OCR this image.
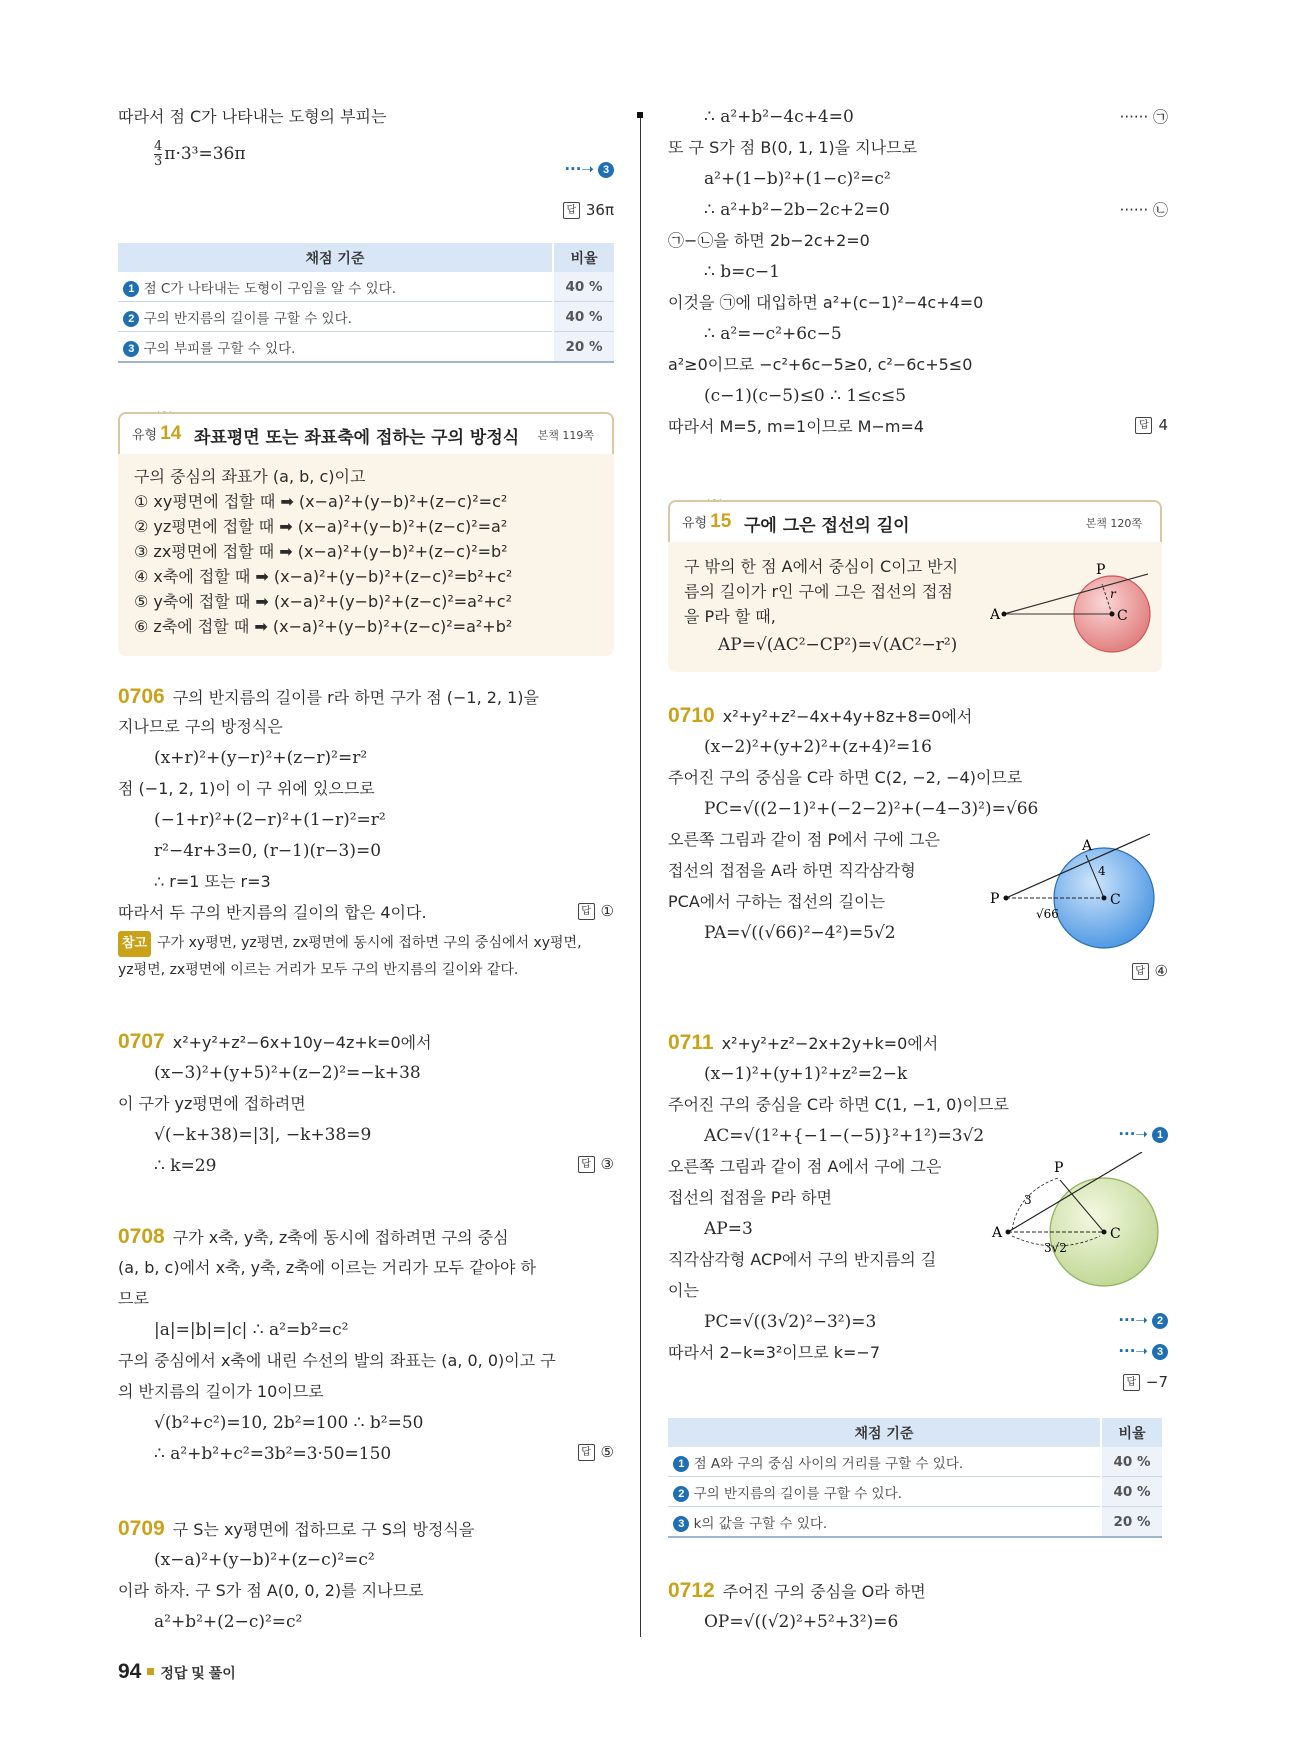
따라서 점 C가 나타내는 도형의 부피는
$\frac{4}{3} \pi\cdot 3^3=36\pi$
···➝ 3
답 36π
채점 기준	비율
1 점 C가 나타내는 도형이 구임을 알 수 있다.	40 %
2 구의 반지름의 길이를 구할 수 있다.	40 %
3 구의 부피를 구할 수 있다.	20 %
유형 14 좌표평면 또는 좌표축에 접하는 구의 방정식 본책 119쪽
구의 중심의 좌표가 (a, b, c)이고
① xy평면에 접할 때 ➡ (x−a)²+(y−b)²+(z−c)²=c²
② yz평면에 접할 때 ➡ (x−a)²+(y−b)²+(z−c)²=a²
③ zx평면에 접할 때 ➡ (x−a)²+(y−b)²+(z−c)²=b²
④ x축에 접할 때 ➡ (x−a)²+(y−b)²+(z−c)²=b²+c²
⑤ y축에 접할 때 ➡ (x−a)²+(y−b)²+(z−c)²=a²+c²
⑥ z축에 접할 때 ➡ (x−a)²+(y−b)²+(z−c)²=a²+b²
0706 구의 반지름의 길이를 r라 하면 구가 점 (−1, 2, 1)을
지나므로 구의 방정식은
(x+r)²+(y−r)²+(z−r)²=r²
점 (−1, 2, 1)이 이 구 위에 있으므로
(−1+r)²+(2−r)²+(1−r)²=r²
r²−4r+3=0, (r−1)(r−3)=0
∴ r=1 또는 r=3
따라서 두 구의 반지름의 길이의 합은 4이다.	답 ①
참고 구가 xy평면, yz평면, zx평면에 동시에 접하면 구의 중심에서 xy평면,
yz평면, zx평면에 이르는 거리가 모두 구의 반지름의 길이와 같다.
0707 x²+y²+z²−6x+10y−4z+k=0에서
(x−3)²+(y+5)²+(z−2)²=−k+38
이 구가 yz평면에 접하려면
√(−k+38)=|3|, −k+38=9
∴ k=29	답 ③
0708 구가 x축, y축, z축에 동시에 접하려면 구의 중심
(a, b, c)에서 x축, y축, z축에 이르는 거리가 모두 같아야 하
므로
|a|=|b|=|c| ∴ a²=b²=c²
구의 중심에서 x축에 내린 수선의 발의 좌표는 (a, 0, 0)이고 구
의 반지름의 길이가 10이므로
√(b²+c²)=10, 2b²=100 ∴ b²=50
∴ a²+b²+c²=3b²=3·50=150	답 ⑤
0709 구 S는 xy평면에 접하므로 구 S의 방정식을
(x−a)²+(y−b)²+(z−c)²=c²
이라 하자. 구 S가 점 A(0, 0, 2)를 지나므로
a²+b²+(2−c)²=c²
∴ a²+b²−4c+4=0	······ ㉠
또 구 S가 점 B(0, 1, 1)을 지나므로
a²+(1−b)²+(1−c)²=c²
∴ a²+b²−2b−2c+2=0	······ ㉡
㉠−㉡을 하면 2b−2c+2=0
∴ b=c−1
이것을 ㉠에 대입하면 a²+(c−1)²−4c+4=0
∴ a²=−c²+6c−5
a²≥0이므로 −c²+6c−5≥0, c²−6c+5≤0
(c−1)(c−5)≤0 ∴ 1≤c≤5
따라서 M=5, m=1이므로 M−m=4	답 4
유형 15 구에 그은 접선의 길이	본책 120쪽
구 밖의 한 점 A에서 중심이 C이고 반지
름의 길이가 r인 구에 그은 접선의 접점
을 P라 할 때,
AP=√(AC²−CP²)=√(AC²−r²)
A
P
C
r
0710 x²+y²+z²−4x+4y+8z+8=0에서
(x−2)²+(y+2)²+(z+4)²=16
주어진 구의 중심을 C라 하면 C(2, −2, −4)이므로
PC=√((2−1)²+(−2−2)²+(−4−3)²)=√66
오른쪽 그림과 같이 점 P에서 구에 그은
접선의 접점을 A라 하면 직각삼각형
PCA에서 구하는 접선의 길이는
PA=√((√66)²−4²)=5√2
답 ④
P
A
C
4
√66
0711 x²+y²+z²−2x+2y+k=0에서
(x−1)²+(y+1)²+z²=2−k
주어진 구의 중심을 C라 하면 C(1, −1, 0)이므로
AC=√(1²+{−1−(−5)}²+1²)=3√2	···➝ 1
오른쪽 그림과 같이 점 A에서 구에 그은
접선의 접점을 P라 하면
AP=3
직각삼각형 ACP에서 구의 반지름의 길
이는
PC=√((3√2)²−3²)=3	···➝ 2
따라서 2−k=3²이므로 k=−7	···➝ 3
답 −7
A
P
C
3
3√2
채점 기준	비율
1 점 A와 구의 중심 사이의 거리를 구할 수 있다.	40 %
2 구의 반지름의 길이를 구할 수 있다.	40 %
3 k의 값을 구할 수 있다.	20 %
0712 주어진 구의 중심을 O라 하면
OP=√((√2)²+5²+3²)=6
94 정답 및 풀이
